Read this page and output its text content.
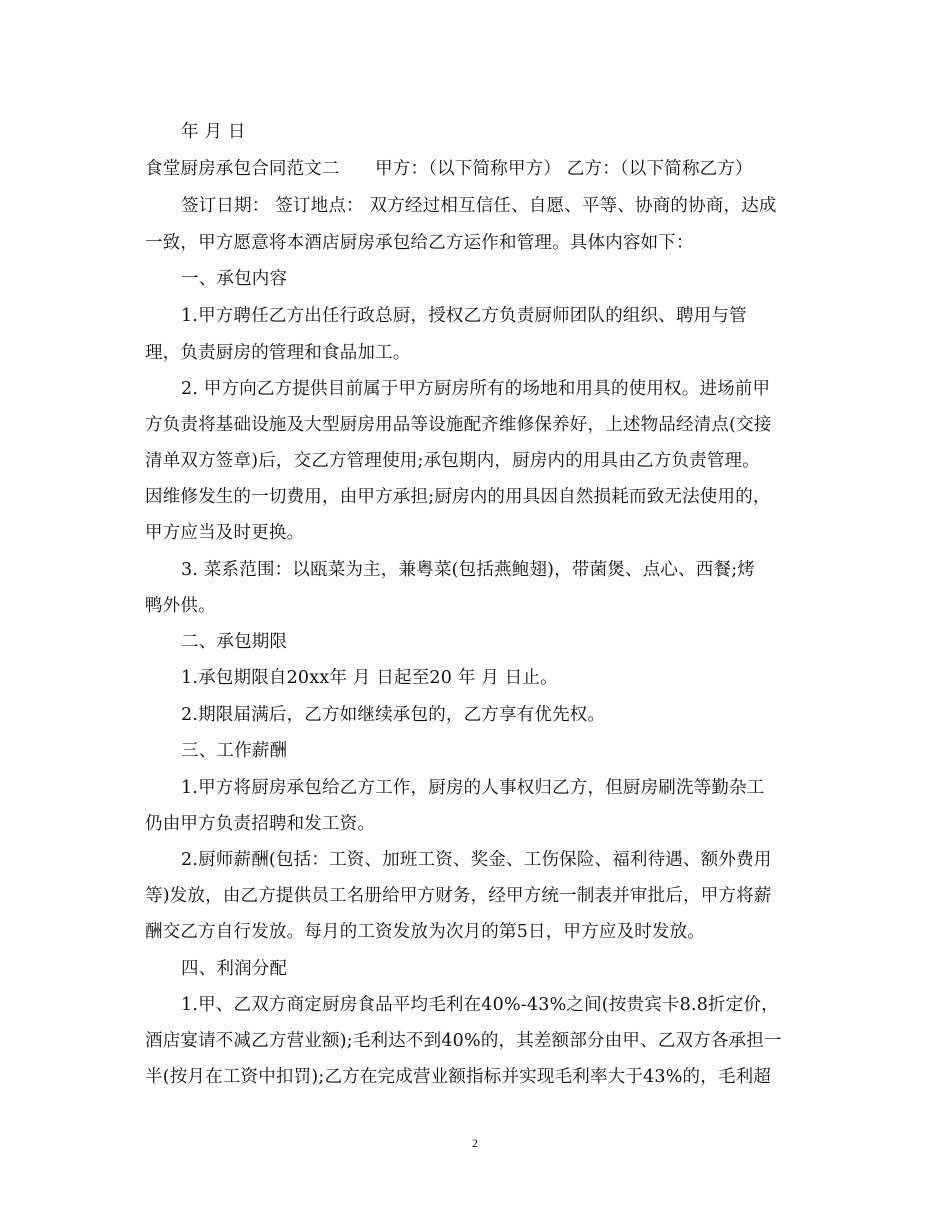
年 月 日
食堂厨房承包合同范文二　　甲方：（以下简称甲方） 乙方：（以下简称乙方）
签订日期： 签订地点： 双方经过相互信任、自愿、平等、协商的协商，达成
一致，甲方愿意将本酒店厨房承包给乙方运作和管理。具体内容如下：
一、承包内容
1.甲方聘任乙方出任行政总厨，授权乙方负责厨师团队的组织、聘用与管
理，负责厨房的管理和食品加工。
2. 甲方向乙方提供目前属于甲方厨房所有的场地和用具的使用权。进场前甲
方负责将基础设施及大型厨房用品等设施配齐维修保养好，上述物品经清点(交接
清单双方签章)后，交乙方管理使用;承包期内，厨房内的用具由乙方负责管理。
因维修发生的一切费用，由甲方承担;厨房内的用具因自然损耗而致无法使用的，
甲方应当及时更换。
3. 菜系范围：以瓯菜为主，兼粤菜(包括燕鲍翅)，带菌煲、点心、西餐;烤
鸭外供。
二、承包期限
1.承包期限自20xx年 月 日起至20 年 月 日止。
2.期限届满后，乙方如继续承包的，乙方享有优先权。
三、工作薪酬
1.甲方将厨房承包给乙方工作，厨房的人事权归乙方，但厨房刷洗等勤杂工
仍由甲方负责招聘和发工资。
2.厨师薪酬(包括：工资、加班工资、奖金、工伤保险、福利待遇、额外费用
等)发放，由乙方提供员工名册给甲方财务，经甲方统一制表并审批后，甲方将薪
酬交乙方自行发放。每月的工资发放为次月的第5日，甲方应及时发放。
四、利润分配
1.甲、乙双方商定厨房食品平均毛利在40%-43%之间(按贵宾卡8.8折定价，
酒店宴请不减乙方营业额);毛利达不到40%的，其差额部分由甲、乙双方各承担一
半(按月在工资中扣罚);乙方在完成营业额指标并实现毛利率大于43%的，毛利超
2
